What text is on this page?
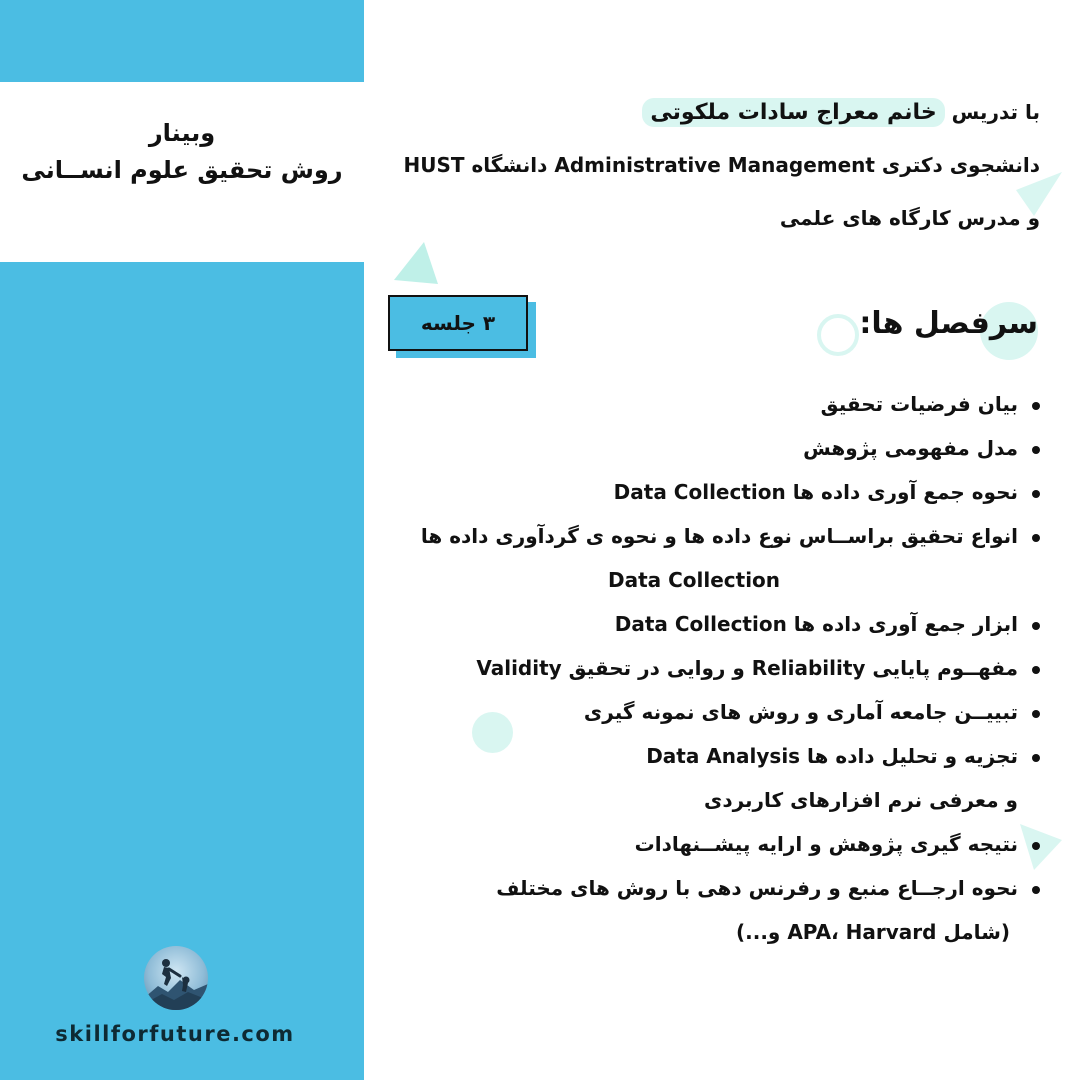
وبینار
روش تحقیق علوم انســانی
skillforfuture.com
با تدریس خانم معراج سادات ملکوتی
دانشجوی دکتری Administrative Management دانشگاه HUST
و مدرس کارگاه های علمی
۳ جلسه	سرفصل ها:
بیان فرضیات تحقیق
مدل مفهومی پژوهش
نحوه جمع آوری داده ها Data Collection
انواع تحقیق براســاس نوع داده ها و نحوه ی گردآوری داده ها
Data Collection
ابزار جمع آوری داده ها Data Collection
مفهــوم پایایی Reliability و روایی در تحقیق Validity
تبییــن جامعه آماری و روش های نمونه گیری
تجزیه و تحلیل داده ها Data Analysis
و معرفی نرم افزارهای کاربردی
نتیجه گیری پژوهش و ارایه پیشــنهادات
نحوه ارجــاع منبع و رفرنس دهی با روش های مختلف
(شامل APA، Harvard و...)
